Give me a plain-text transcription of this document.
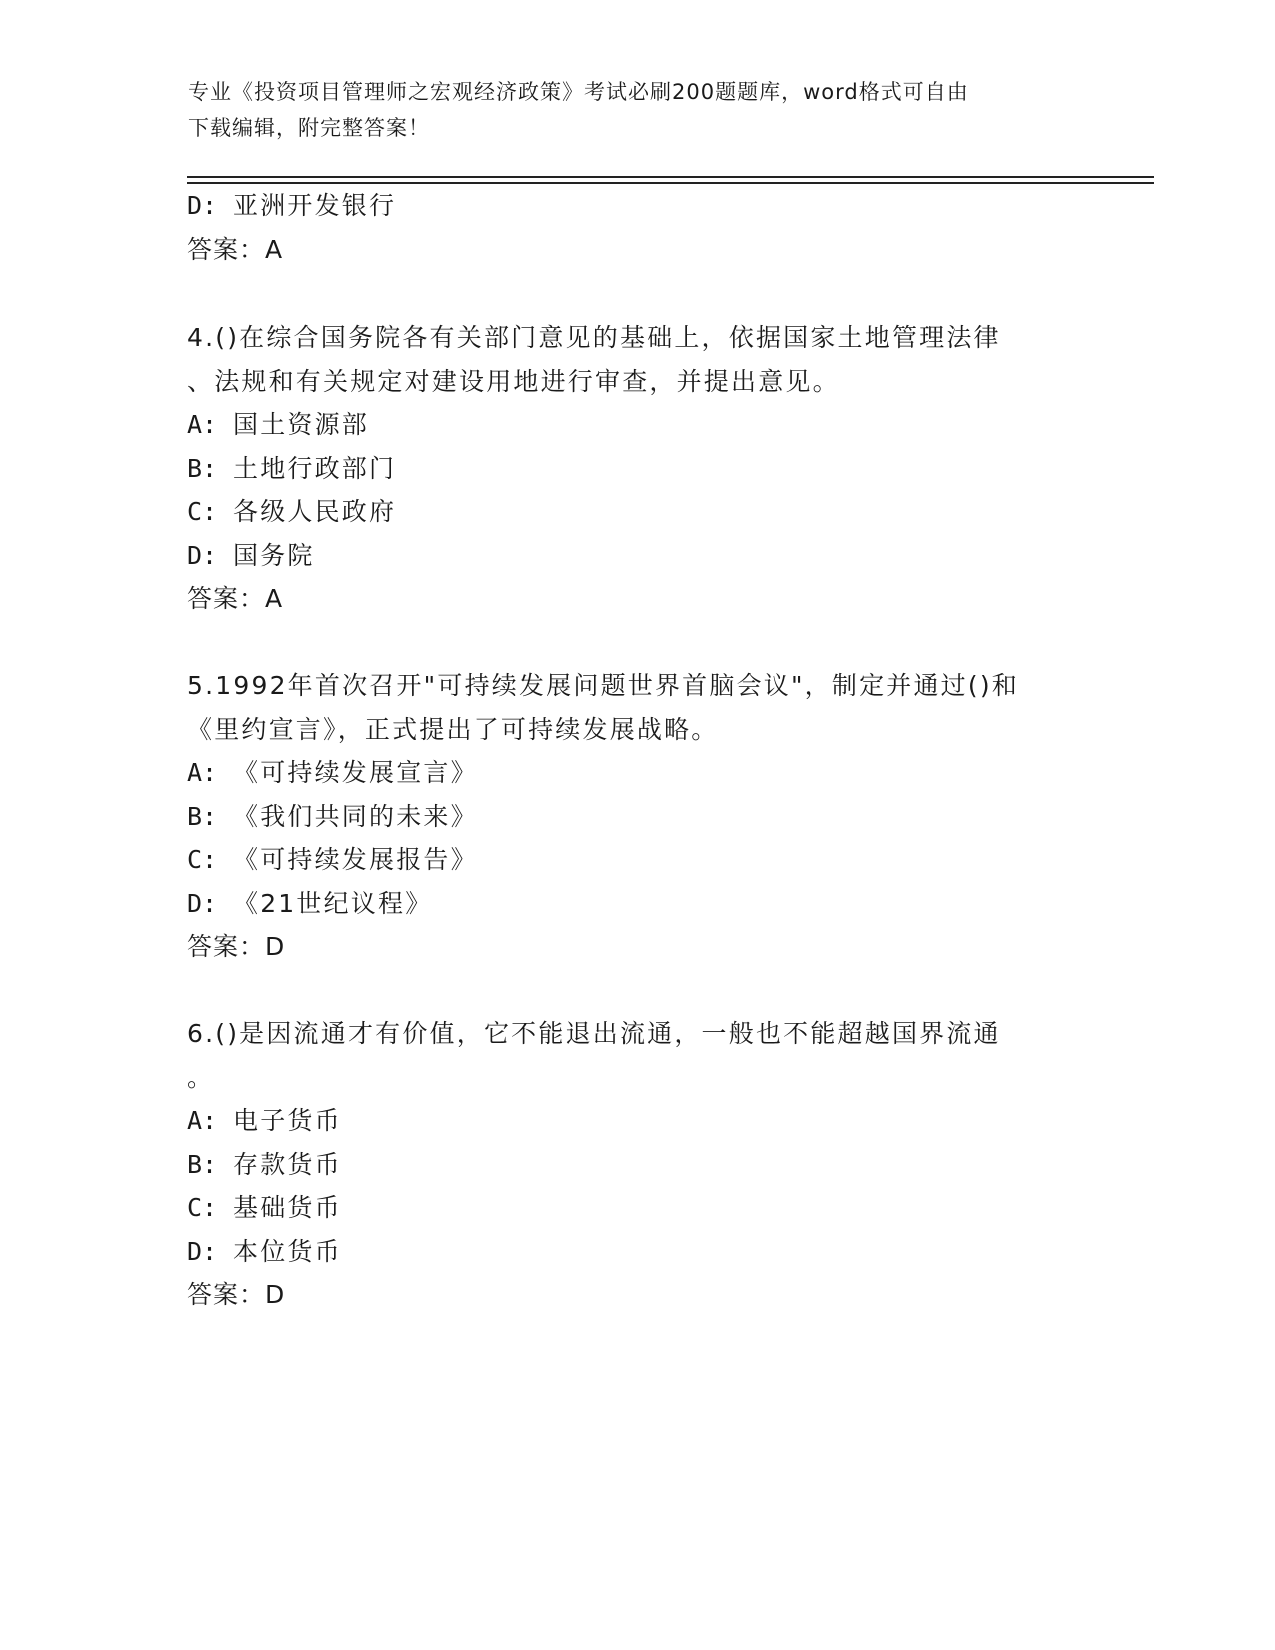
专业《投资项目管理师之宏观经济政策》考试必刷200题题库，word格式可自由
下载编辑，附完整答案！
D: 亚洲开发银行
答案：A
4.()在综合国务院各有关部门意见的基础上，依据国家土地管理法律
、法规和有关规定对建设用地进行审查，并提出意见。
A: 国土资源部
B: 土地行政部门
C: 各级人民政府
D: 国务院
答案：A
5.1992年首次召开"可持续发展问题世界首脑会议"，制定并通过()和
《里约宣言》，正式提出了可持续发展战略。
A: 《可持续发展宣言》
B: 《我们共同的未来》
C: 《可持续发展报告》
D: 《21世纪议程》
答案：D
6.()是因流通才有价值，它不能退出流通，一般也不能超越国界流通
。
A: 电子货币
B: 存款货币
C: 基础货币
D: 本位货币
答案：D
